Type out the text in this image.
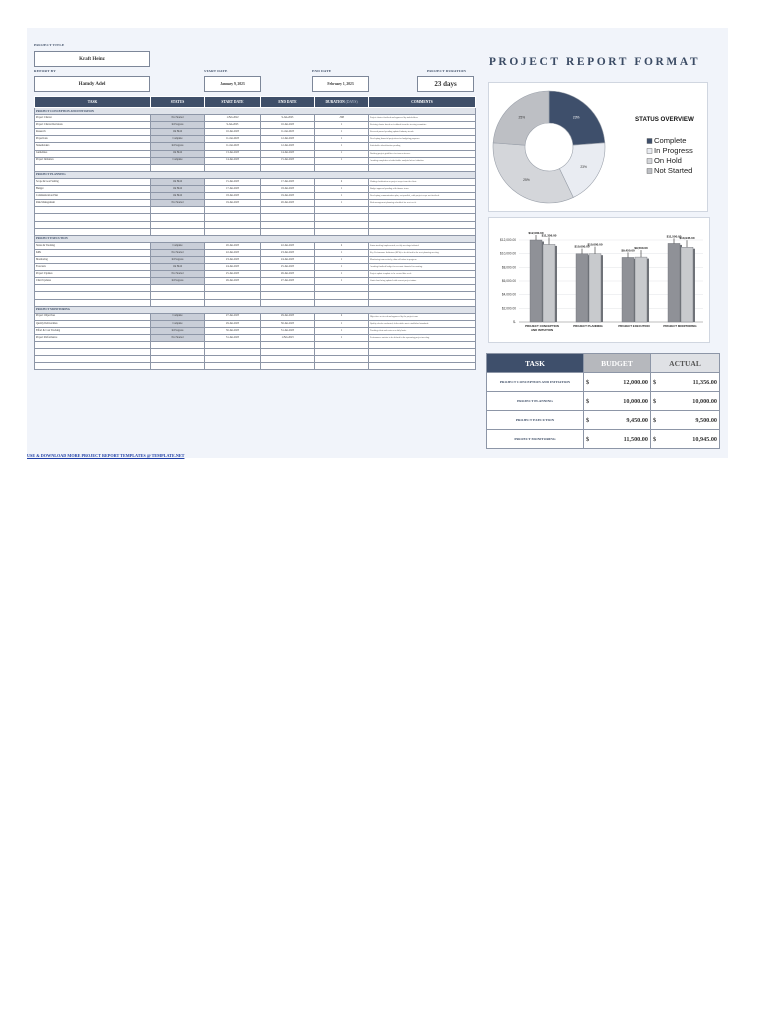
PROJECT TITLE
Kraft Heinz
REPORT BY
Hamdy Adel
START DATE
January 9, 2023
END DATE
February 1, 2023
PROJECT DURATION
23 days
PROJECT REPORT FORMAT
TASK	STATUS	START DATE	END DATE	DURATION (DAYS)	COMMENTS
PROJECT CONCEPTION AND INITIATION					
Project Charter	Not Started	1-Feb-2022	9-Jan-2023	-388	Project charter finalized and approved by stakeholders.
Project Charter Revisions	In Progress	9-Jan-2023	10-Jan-2023	1	Revising charter based on feedback from the steering committee.
Research	On Hold	10-Jan-2023	11-Jan-2023	1	Research paused pending updated industry trends.
Projections	Complete	11-Jan-2023	12-Jan-2023	1	Developing financial projections for budgeting purposes.
Stakeholders	In Progress	11-Jan-2023	12-Jan-2023	1	Stakeholder identification pending.
Guidelines	On Hold	13-Jan-2023	14-Jan-2023	1	Drafting project guidelines for team reference.
Project Initiation	Complete	14-Jan-2023	15-Jan-2023	1	Awaiting completion of stakeholder analysis before initiation.

PROJECT PLANNING					
Scope & Goal Setting	On Hold	15-Jan-2023	17-Jan-2023	2	Waiting clarification on project scope from the client.
Budget	On Hold	17-Jan-2023	18-Jan-2023	1	Budget approval pending with finance team.
Communication Plan	On Hold	18-Jan-2023	19-Jan-2023	1	Developing communication plan, not possible, with project scope not finalized.
Risk Management	Not Started	19-Jan-2023	20-Jan-2023	1	Risk management planning scheduled for next week.

PROJECT EXECUTION					
Status & Tracking	Complete	20-Jan-2023	22-Jan-2023	2	Status tracking implemented; weekly meetings initiated.
KPIs	Not Started	22-Jan-2023	23-Jan-2023	1	Key Performance Indicators (KPIs) to be defined in the next planning meeting.
Monitoring	In Progress	23-Jan-2023	24-Jan-2023	1	Monitoring team actively; data collection in progress.
Forecasts	On Hold	24-Jan-2023	25-Jan-2023	1	Awaiting finalized budget for accurate financial forecasting.
Project Updates	Not Started	25-Jan-2023	26-Jan-2023	1	Project update template to be created this week.
Chart Updates	In Progress	26-Jan-2023	27-Jan-2023	1	Gantt chart being updated with current project status.

PROJECT MONITORING					
Project Objectives	Complete	27-Jan-2023	29-Jan-2023	2	Objectives reviewed and approved by the project team.
Quality Deliverables	Complete	29-Jan-2023	30-Jan-2023	1	Quality checks conducted; deliverables meet established standards.
Effort & Cost Tracking	In Progress	30-Jan-2023	31-Jan-2023	1	Tracking effort and costs on a daily basis.
Project Performance	Not Started	31-Jan-2023	1-Feb-2023	1	Performance metrics to be defined in the upcoming project meeting.

USE & DOWNLOAD MORE PROJECT REPORT TEMPLATES @ TEMPLATE.NET
23%
23%
25%
25%	STATUS OVERVIEW
Complete
In Progress
On Hold
Not Started
$12,000.00
$10,000.00
$8,000.00
$6,000.00
$4,000.00
$2,000.00
$-
$12,000.00
$11,356.00
PROJECT CONCEPTION
AND INITIATION
$10,000.00
$10,000.00
PROJECT PLANNING
$9,450.00
$9,500.00
PROJECT EXECUTION
$11,500.00
$10,945.00
PROJECT MONITORING
TASK	BUDGET	ACTUAL
PROJECT CONCEPTION AND INITIATION	$ 12,000.00	$ 11,356.00

PROJECT PLANNING	$ 10,000.00	$ 10,000.00

PROJECT EXECUTION	$ 9,450.00	$ 9,500.00

PROJECT MONITORING	$ 11,500.00	$ 10,945.00
